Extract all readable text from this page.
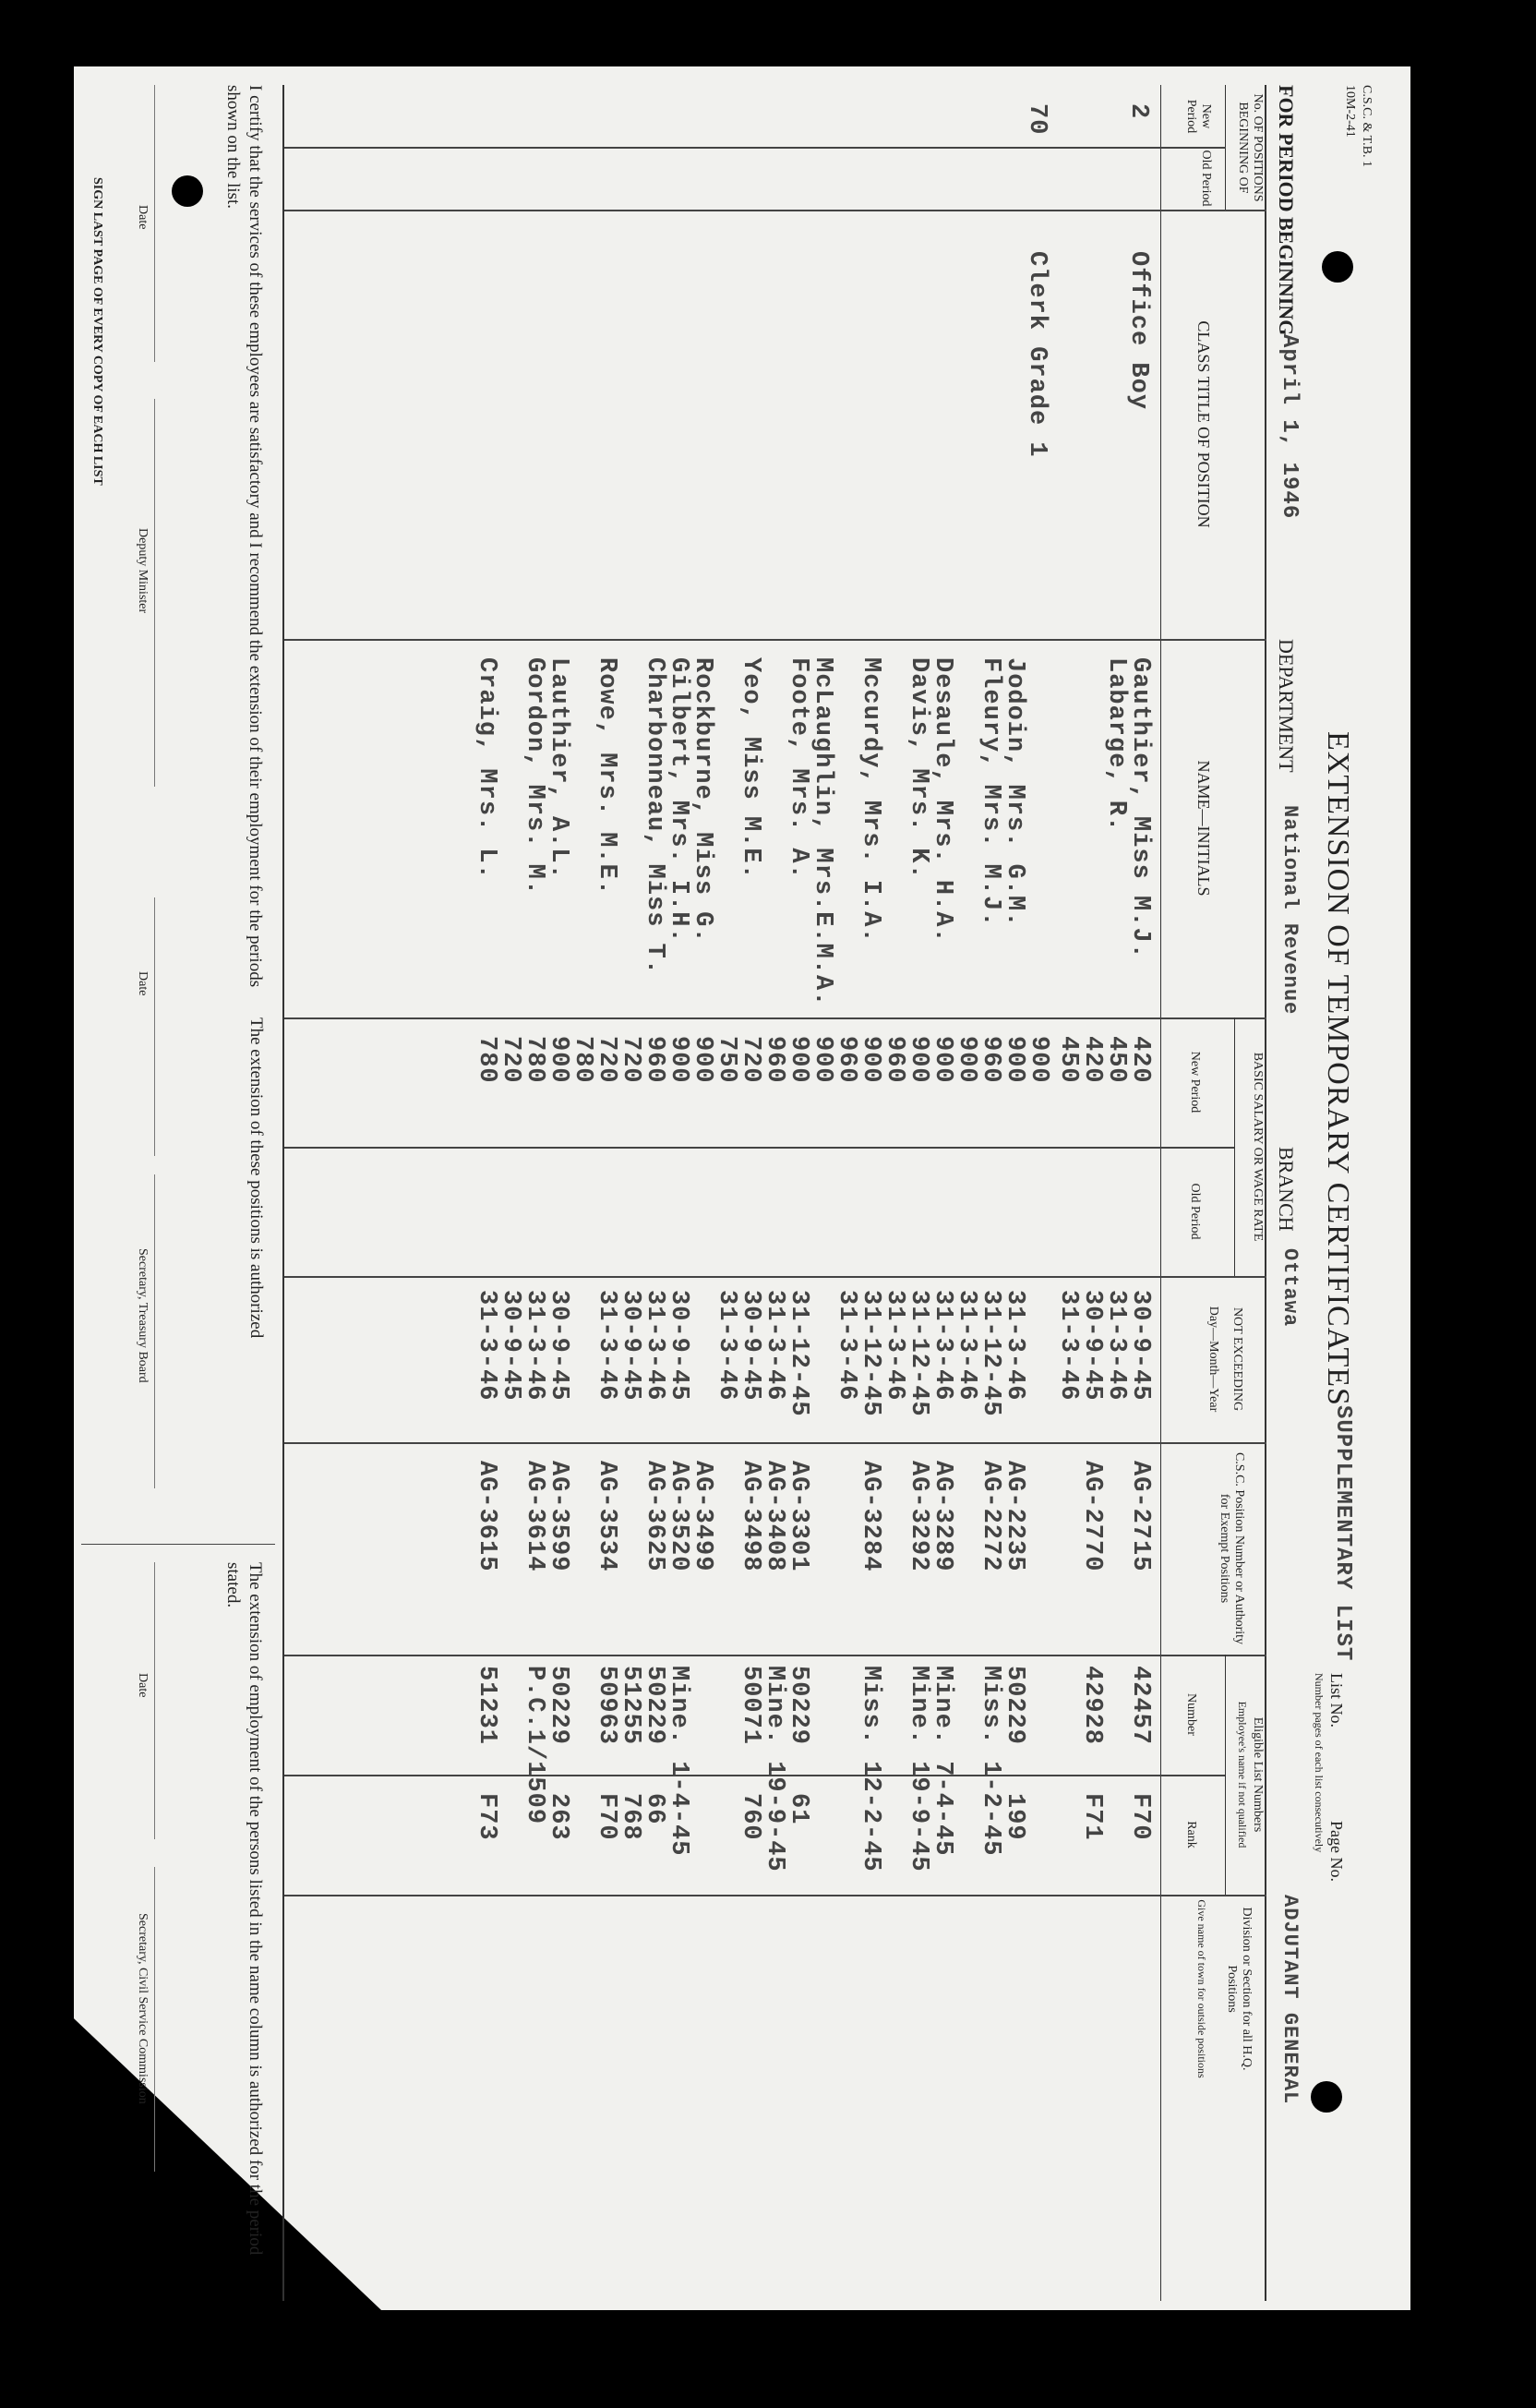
C.S.C. & T.B. 1
10M-2-41
EXTENSION OF TEMPORARY CERTIFICATES
SUPPLEMENTARY LIST
List No.
Number pages of each list consecutively Page No.
FOR PERIOD BEGINNING
April 1, 1946
DEPARTMENT
National Revenue
BRANCH
Ottawa
ADJUTANT GENERAL
No. OF POSITIONS BEGINNING OF
New Period
Old Period
CLASS TITLE OF POSITION
NAME—INITIALS
BASIC SALARY OR WAGE RATE
New Period
Old Period
NOT EXCEEDING
Day—Month—Year
C.S.C. Position Number or Authority for Exempt Positions
Eligible List Numbers
Employee's name if not qualified
Number
Rank
Division or Section for all H.Q. Positions
Give name of town for outside positions
2
Office Boy
70
Clerk Grade 1
Gauthier, Miss M.J.
Labarge, R.
Jodoin, Mrs. G.M.
Fleury, Mrs. M.J.
Desaule, Mrs. H.A.
Davis, Mrs. K.
Mccurdy, Mrs. I.A.
McLaughlin, Mrs.E.M.A.
Foote, Mrs. A.
Yeo, Miss M.E.
Rockburne, Miss G.
Gilbert, Mrs. I.H.
Charbonneau, Miss T.
Rowe, Mrs. M.E.
Lauthier, A.L.
Gordon, Mrs. M.
Craig, Mrs. L.
420
450
420
450
900
900
960
900
900
900
960
900
960
900
900
960
720
750
900
900
960
720
720
780
900
780
720
780
30-9-45
31-3-46
30-9-45
31-3-46
31-3-46
31-12-45
31-3-46
31-3-46
31-12-45
31-3-46
31-12-45
31-3-46
31-12-45
31-3-46
30-9-45
31-3-46
30-9-45
31-3-46
30-9-45
31-3-46
30-9-45
31-3-46
30-9-45
31-3-46
AG-2715
AG-2770
AG-2235
AG-2272
AG-3289
AG-3292
AG-3284
AG-3301
AG-3408
AG-3498
AG-3499
AG-3520
AG-3625
AG-3534
AG-3599
AG-3614
AG-3615
42457
42928
50229
Miss. 1-2-45
Mine. 7-4-45
Mine. 19-9-45
Miss. 12-2-45
50229
Mine. 19-9-45
50071
Mine. 1-4-45
50229
51255
50963
50229
P.C.1/1509
51231
F70
F71
199
61
760
66
768
F70
263
F73
I certify that the services of these employees are satisfactory and I recommend the extension of their employment for the periods shown on the list.
Date
Deputy Minister
SIGN LAST PAGE OF EVERY COPY OF EACH LIST
The extension of these positions is authorized
Date
Secretary, Treasury Board
The extension of employment of the persons listed in the name column is authorized for the period stated.
Date
Secretary, Civil Service Commission
